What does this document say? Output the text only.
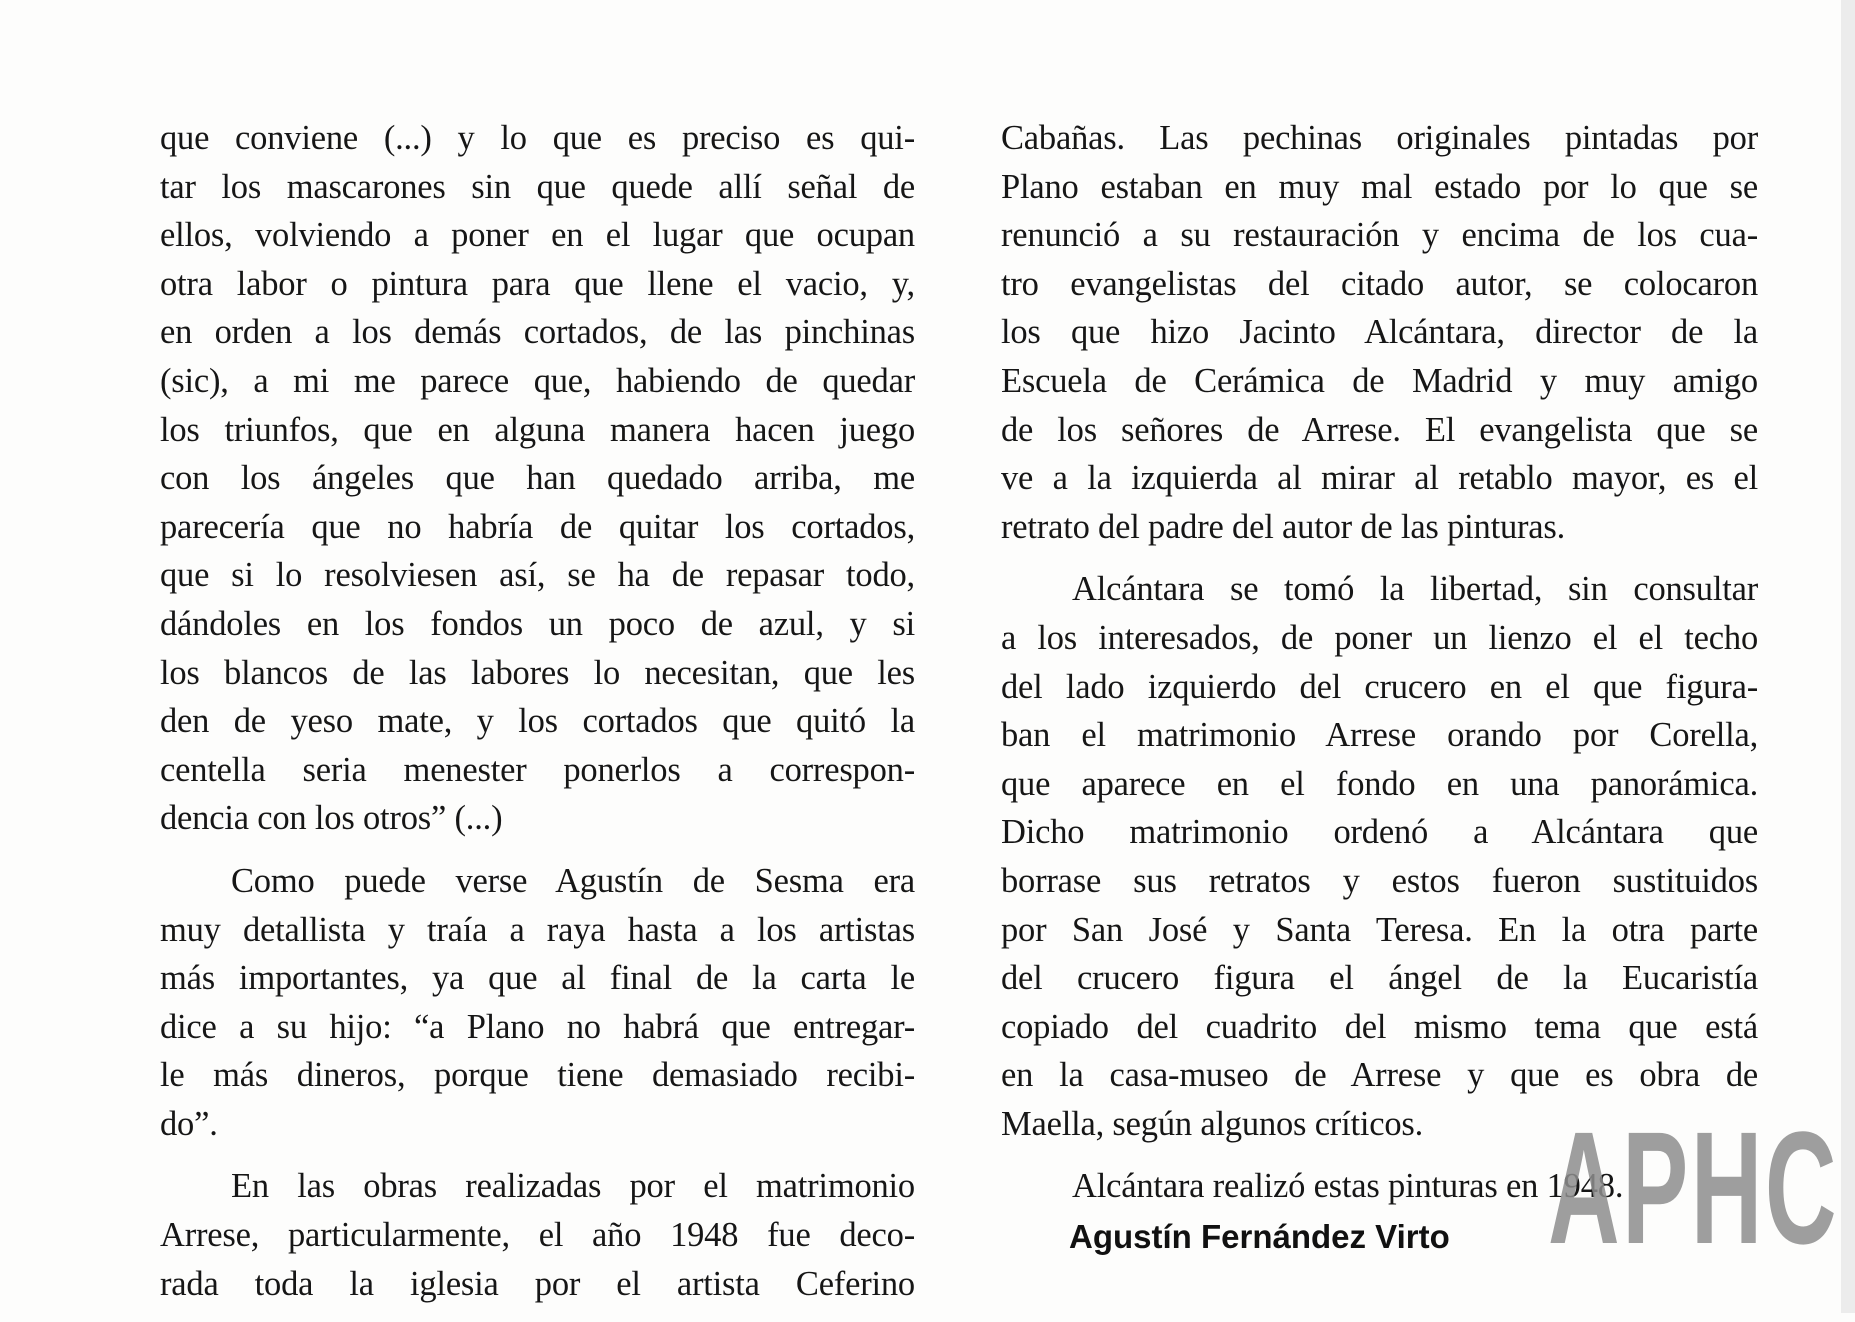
que conviene (...) y lo que es preciso es qui-
tar los mascarones sin que quede allí señal de
ellos, volviendo a poner en el lugar que ocupan
otra labor o pintura para que llene el vacio, y,
en orden a los demás cortados, de las pinchinas
(sic), a mi me parece que, habiendo de quedar
los triunfos, que en alguna manera hacen juego
con los ángeles que han quedado arriba, me
parecería que no habría de quitar los cortados,
que si lo resolviesen así, se ha de repasar todo,
dándoles en los fondos un poco de azul, y si
los blancos de las labores lo necesitan, que les
den de yeso mate, y los cortados que quitó la
centella seria menester ponerlos a correspon-
dencia con los otros” (...)
Como puede verse Agustín de Sesma era
muy detallista y traía a raya hasta a los artistas
más importantes, ya que al final de la carta le
dice a su hijo: “a Plano no habrá que entregar-
le más dineros, porque tiene demasiado recibi-
do”.
En las obras realizadas por el matrimonio
Arrese, particularmente, el año 1948 fue deco-
rada toda la iglesia por el artista Ceferino
Cabañas. Las pechinas originales pintadas por
Plano estaban en muy mal estado por lo que se
renunció a su restauración y encima de los cua-
tro evangelistas del citado autor, se colocaron
los que hizo Jacinto Alcántara, director de la
Escuela de Cerámica de Madrid y muy amigo
de los señores de Arrese. El evangelista que se
ve a la izquierda al mirar al retablo mayor, es el
retrato del padre del autor de las pinturas.
Alcántara se tomó la libertad, sin consultar
a los interesados, de poner un lienzo el el techo
del lado izquierdo del crucero en el que figura-
ban el matrimonio Arrese orando por Corella,
que aparece en el fondo en una panorámica.
Dicho matrimonio ordenó a Alcántara que
borrase sus retratos y estos fueron sustituidos
por San José y Santa Teresa. En la otra parte
del crucero figura el ángel de la Eucaristía
copiado del cuadrito del mismo tema que está
en la casa-museo de Arrese y que es obra de
Maella, según algunos críticos.
Alcántara realizó estas pinturas en 1948.
Agustín Fernández Virto APHC
